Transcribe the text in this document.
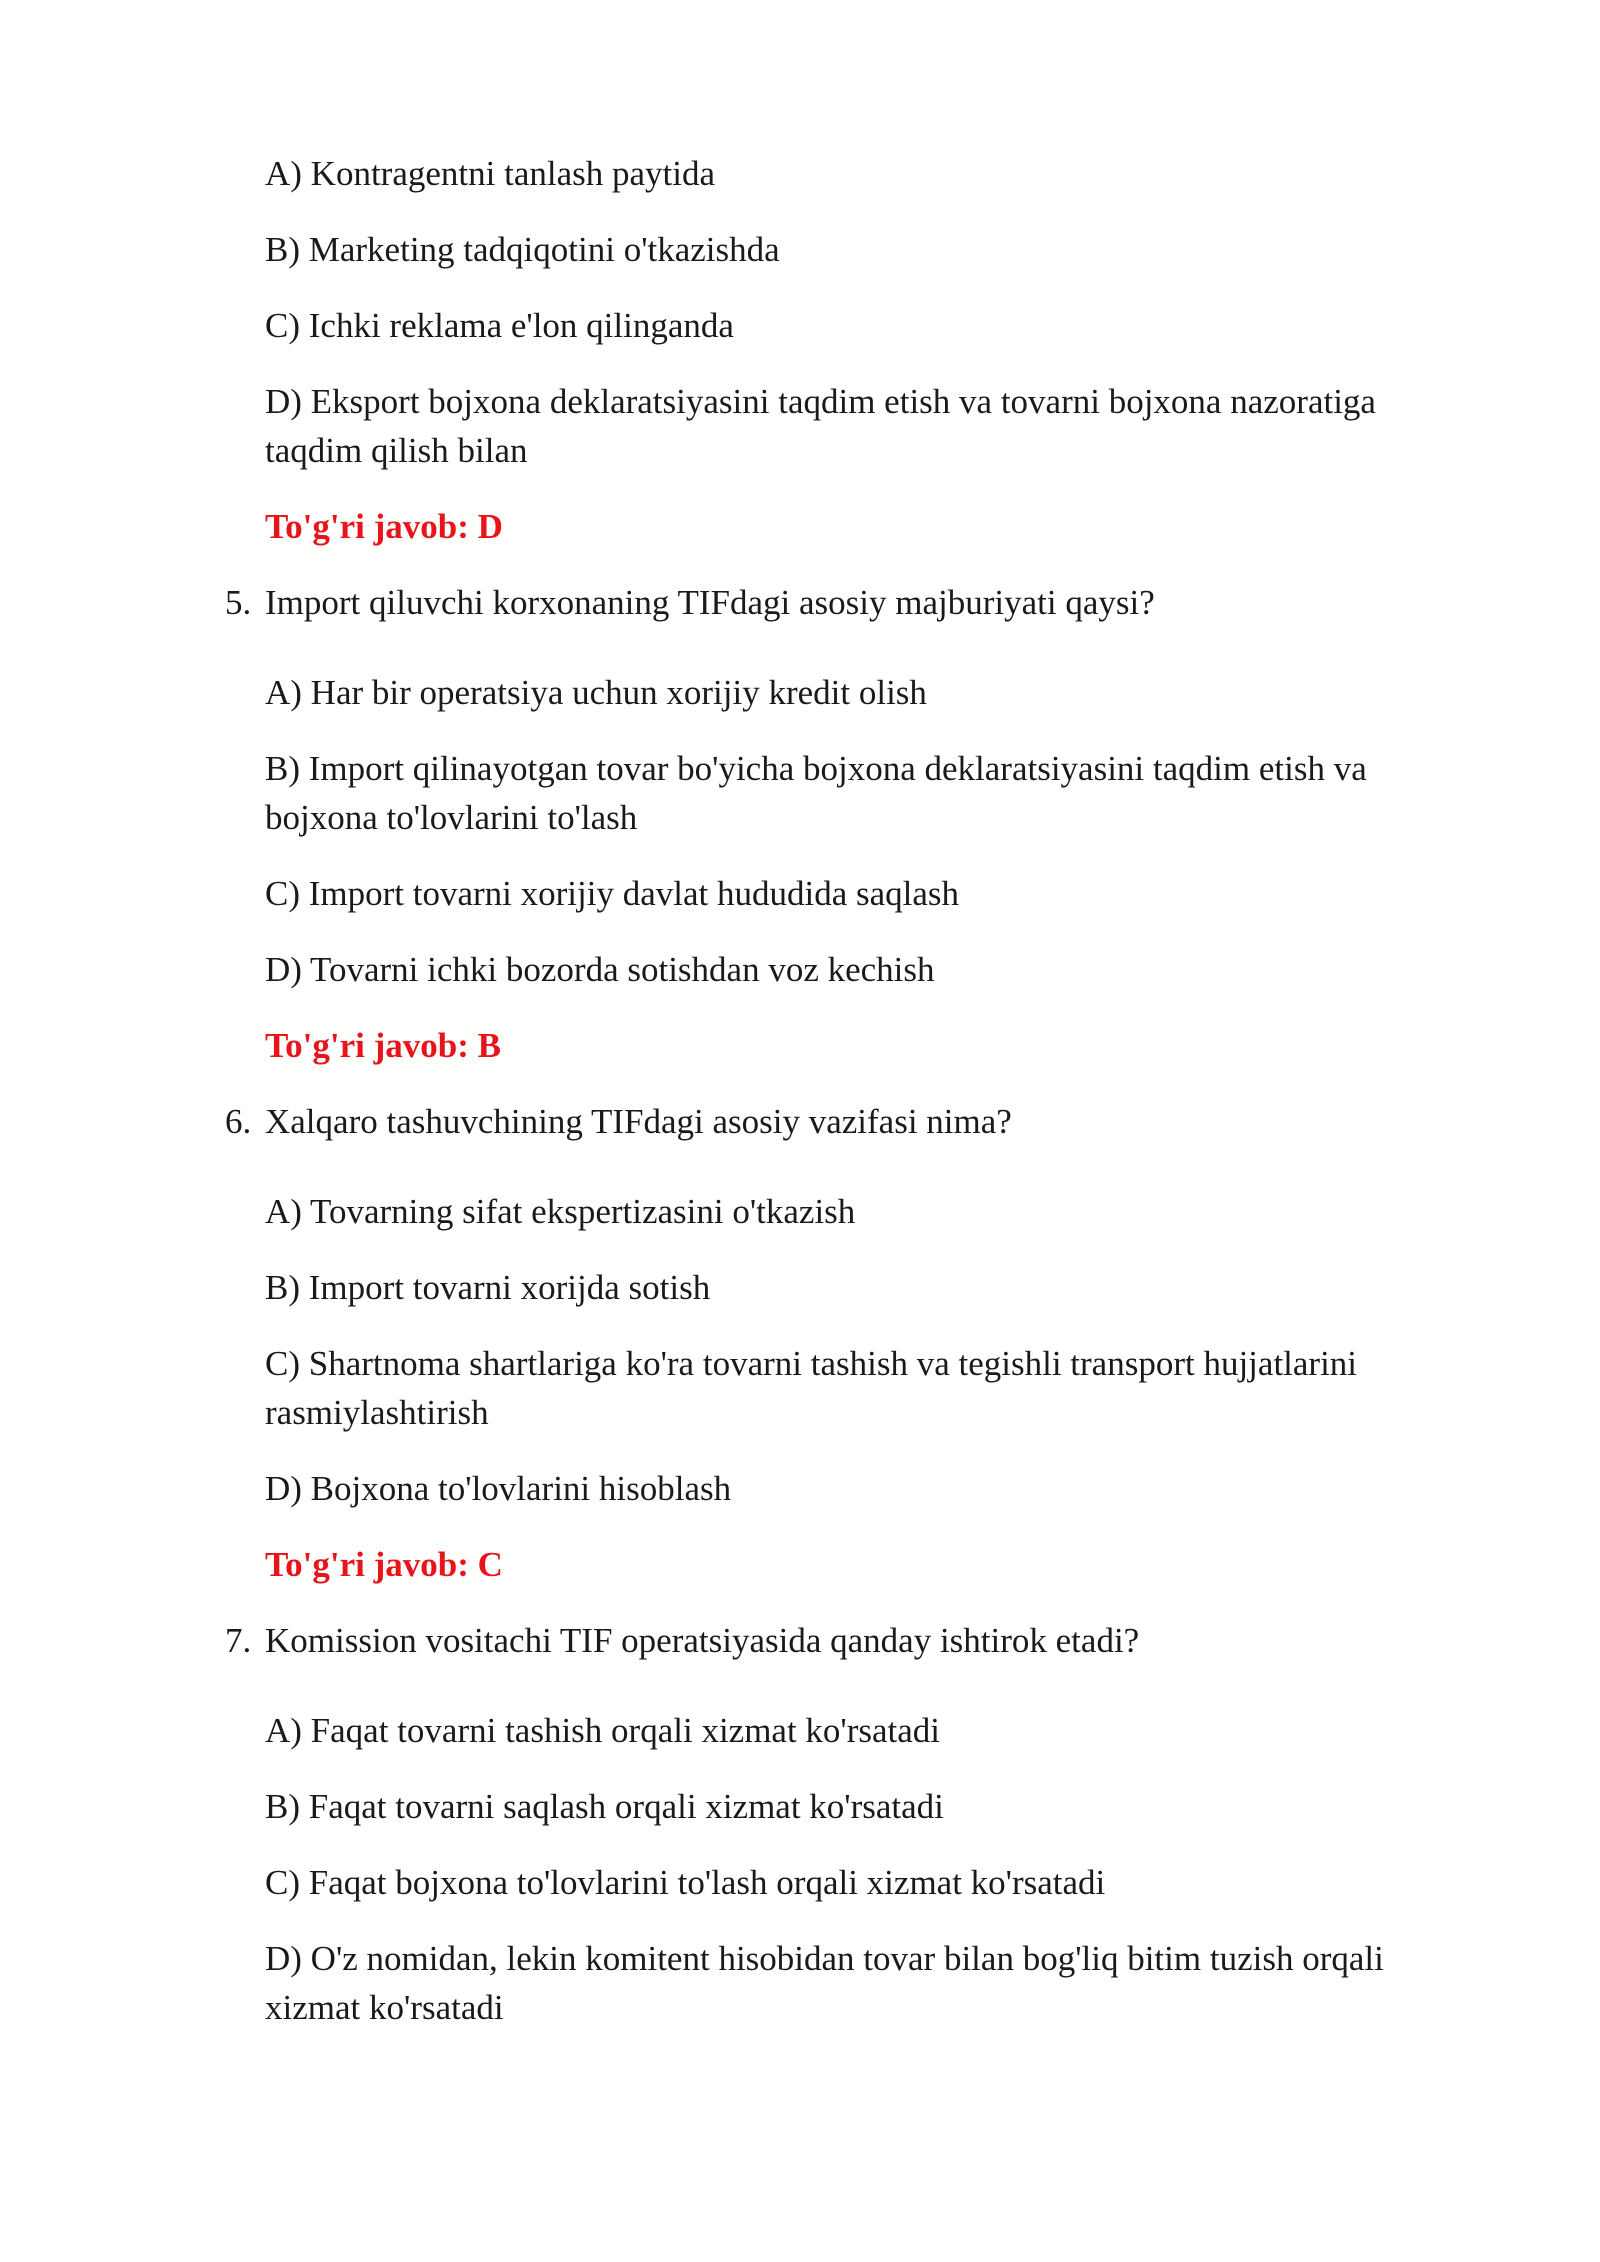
A) Kontragentni tanlash paytida
B) Marketing tadqiqotini o'tkazishda
C) Ichki reklama e'lon qilinganda
D) Eksport bojxona deklaratsiyasini taqdim etish va tovarni bojxona nazoratiga
taqdim qilish bilan
To'g'ri javob: D
5. Import qiluvchi korxonaning TIFdagi asosiy majburiyati qaysi?
A) Har bir operatsiya uchun xorijiy kredit olish
B) Import qilinayotgan tovar bo'yicha bojxona deklaratsiyasini taqdim etish va
bojxona to'lovlarini to'lash
C) Import tovarni xorijiy davlat hududida saqlash
D) Tovarni ichki bozorda sotishdan voz kechish
To'g'ri javob: B
6. Xalqaro tashuvchining TIFdagi asosiy vazifasi nima?
A) Tovarning sifat ekspertizasini o'tkazish
B) Import tovarni xorijda sotish
C) Shartnoma shartlariga ko'ra tovarni tashish va tegishli transport hujjatlarini
rasmiylashtirish
D) Bojxona to'lovlarini hisoblash
To'g'ri javob: C
7. Komission vositachi TIF operatsiyasida qanday ishtirok etadi?
A) Faqat tovarni tashish orqali xizmat ko'rsatadi
B) Faqat tovarni saqlash orqali xizmat ko'rsatadi
C) Faqat bojxona to'lovlarini to'lash orqali xizmat ko'rsatadi
D) O'z nomidan, lekin komitent hisobidan tovar bilan bog'liq bitim tuzish orqali
xizmat ko'rsatadi
